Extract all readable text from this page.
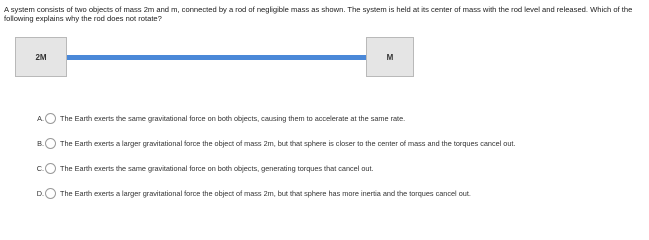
A system consists of two objects of mass 2m and m, connected by a rod of negligible mass as shown. The system is held at its center of mass with the rod level and released. Which of the following explains why the rod does not rotate?

2M	M
A. The Earth exerts the same gravitational force on both objects, causing them to accelerate at the same rate.
B. The Earth exerts a larger gravitational force the object of mass 2m, but that sphere is closer to the center of mass and the torques cancel out.
C. The Earth exerts the same gravitational force on both objects, generating torques that cancel out.
D. The Earth exerts a larger gravitational force the object of mass 2m, but that sphere has more inertia and the torques cancel out.
